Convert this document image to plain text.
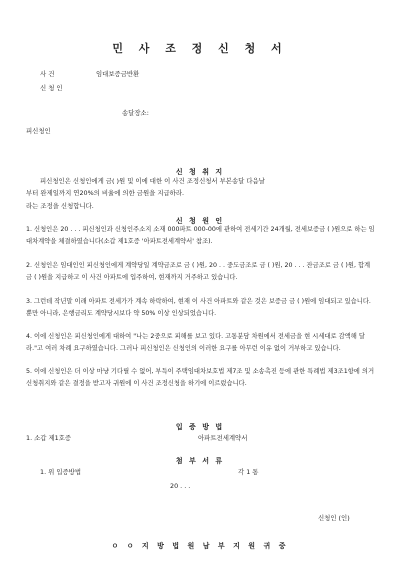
민 사 조 정 신 청 서
사 건	임대보증금반환
신 청 인
송달장소:
피신청인
신 청 취 지
피신청인은 신청인에게 금( )원 및 이에 대한 이 사건 조정신청서 부본송달 다음날
부터 완제일까지 연20%의 비율에 의한 금원을 지급하라.
라는 조정을 신청합니다.
신 청 원 인
1. 신청인은 20 . . . 피신청인과 신청인주소지 소재 000파트 000-00에 관하여 전세기간 24개월, 전세보증금 ( )원으로 하는 임대차계약을 체결하였습니다(소갑 제1호증 '아파트전세계약서' 참조).
2. 신청인은 임대인인 피신청인에게 계약당일 계약금조로 금 ( )원, 20 . . 중도금조로 금 ( )원, 20 . . . 잔금조로 금 ( )원, 합계 금 ( )원을 지급하고 이 사건 아파트에 입주하여, 현재까지 거주하고 있습니다.
3. 그런데 작년말 이래 아파트 전세가가 계속 하락하여, 현재 이 사건 아파트와 같은 것은 보증금 금 ( )원에 임대되고 있습니다. 뿐만 아니라, 은행금리도 계약당시보다 약 50% 이상 인상되었습니다.
4. 이에 신청인은 피신청인에게 대하여 "나는 2중으로 피해를 보고 있다. 고통분담 차원에서 전세금을 현 시세대로 감액해 달라."고 여러 차례 요구하였습니다. 그러나 피신청인은 신청인의 이러한 요구를 아무런 이유 없이 거부하고 있습니다.
5. 이에 신청인은 더 이상 마냥 기다릴 수 없어, 부득이 주택임대차보호법 제7조 및 소송촉진 등에 관한 특례법 제3조1항에 의거 신청취지와 같은 결정을 받고자 귀원에 이 사건 조정신청을 하기에 이르렀습니다.
입 증 방 법
1. 소갑 제1호증	아파트전세계약서
첨 부 서 류
1. 위 입증방법	각 1 통
20 . . .
신청인 (인)
ㅇ ㅇ 지 방 법 원 남 부 지 원 귀 중
